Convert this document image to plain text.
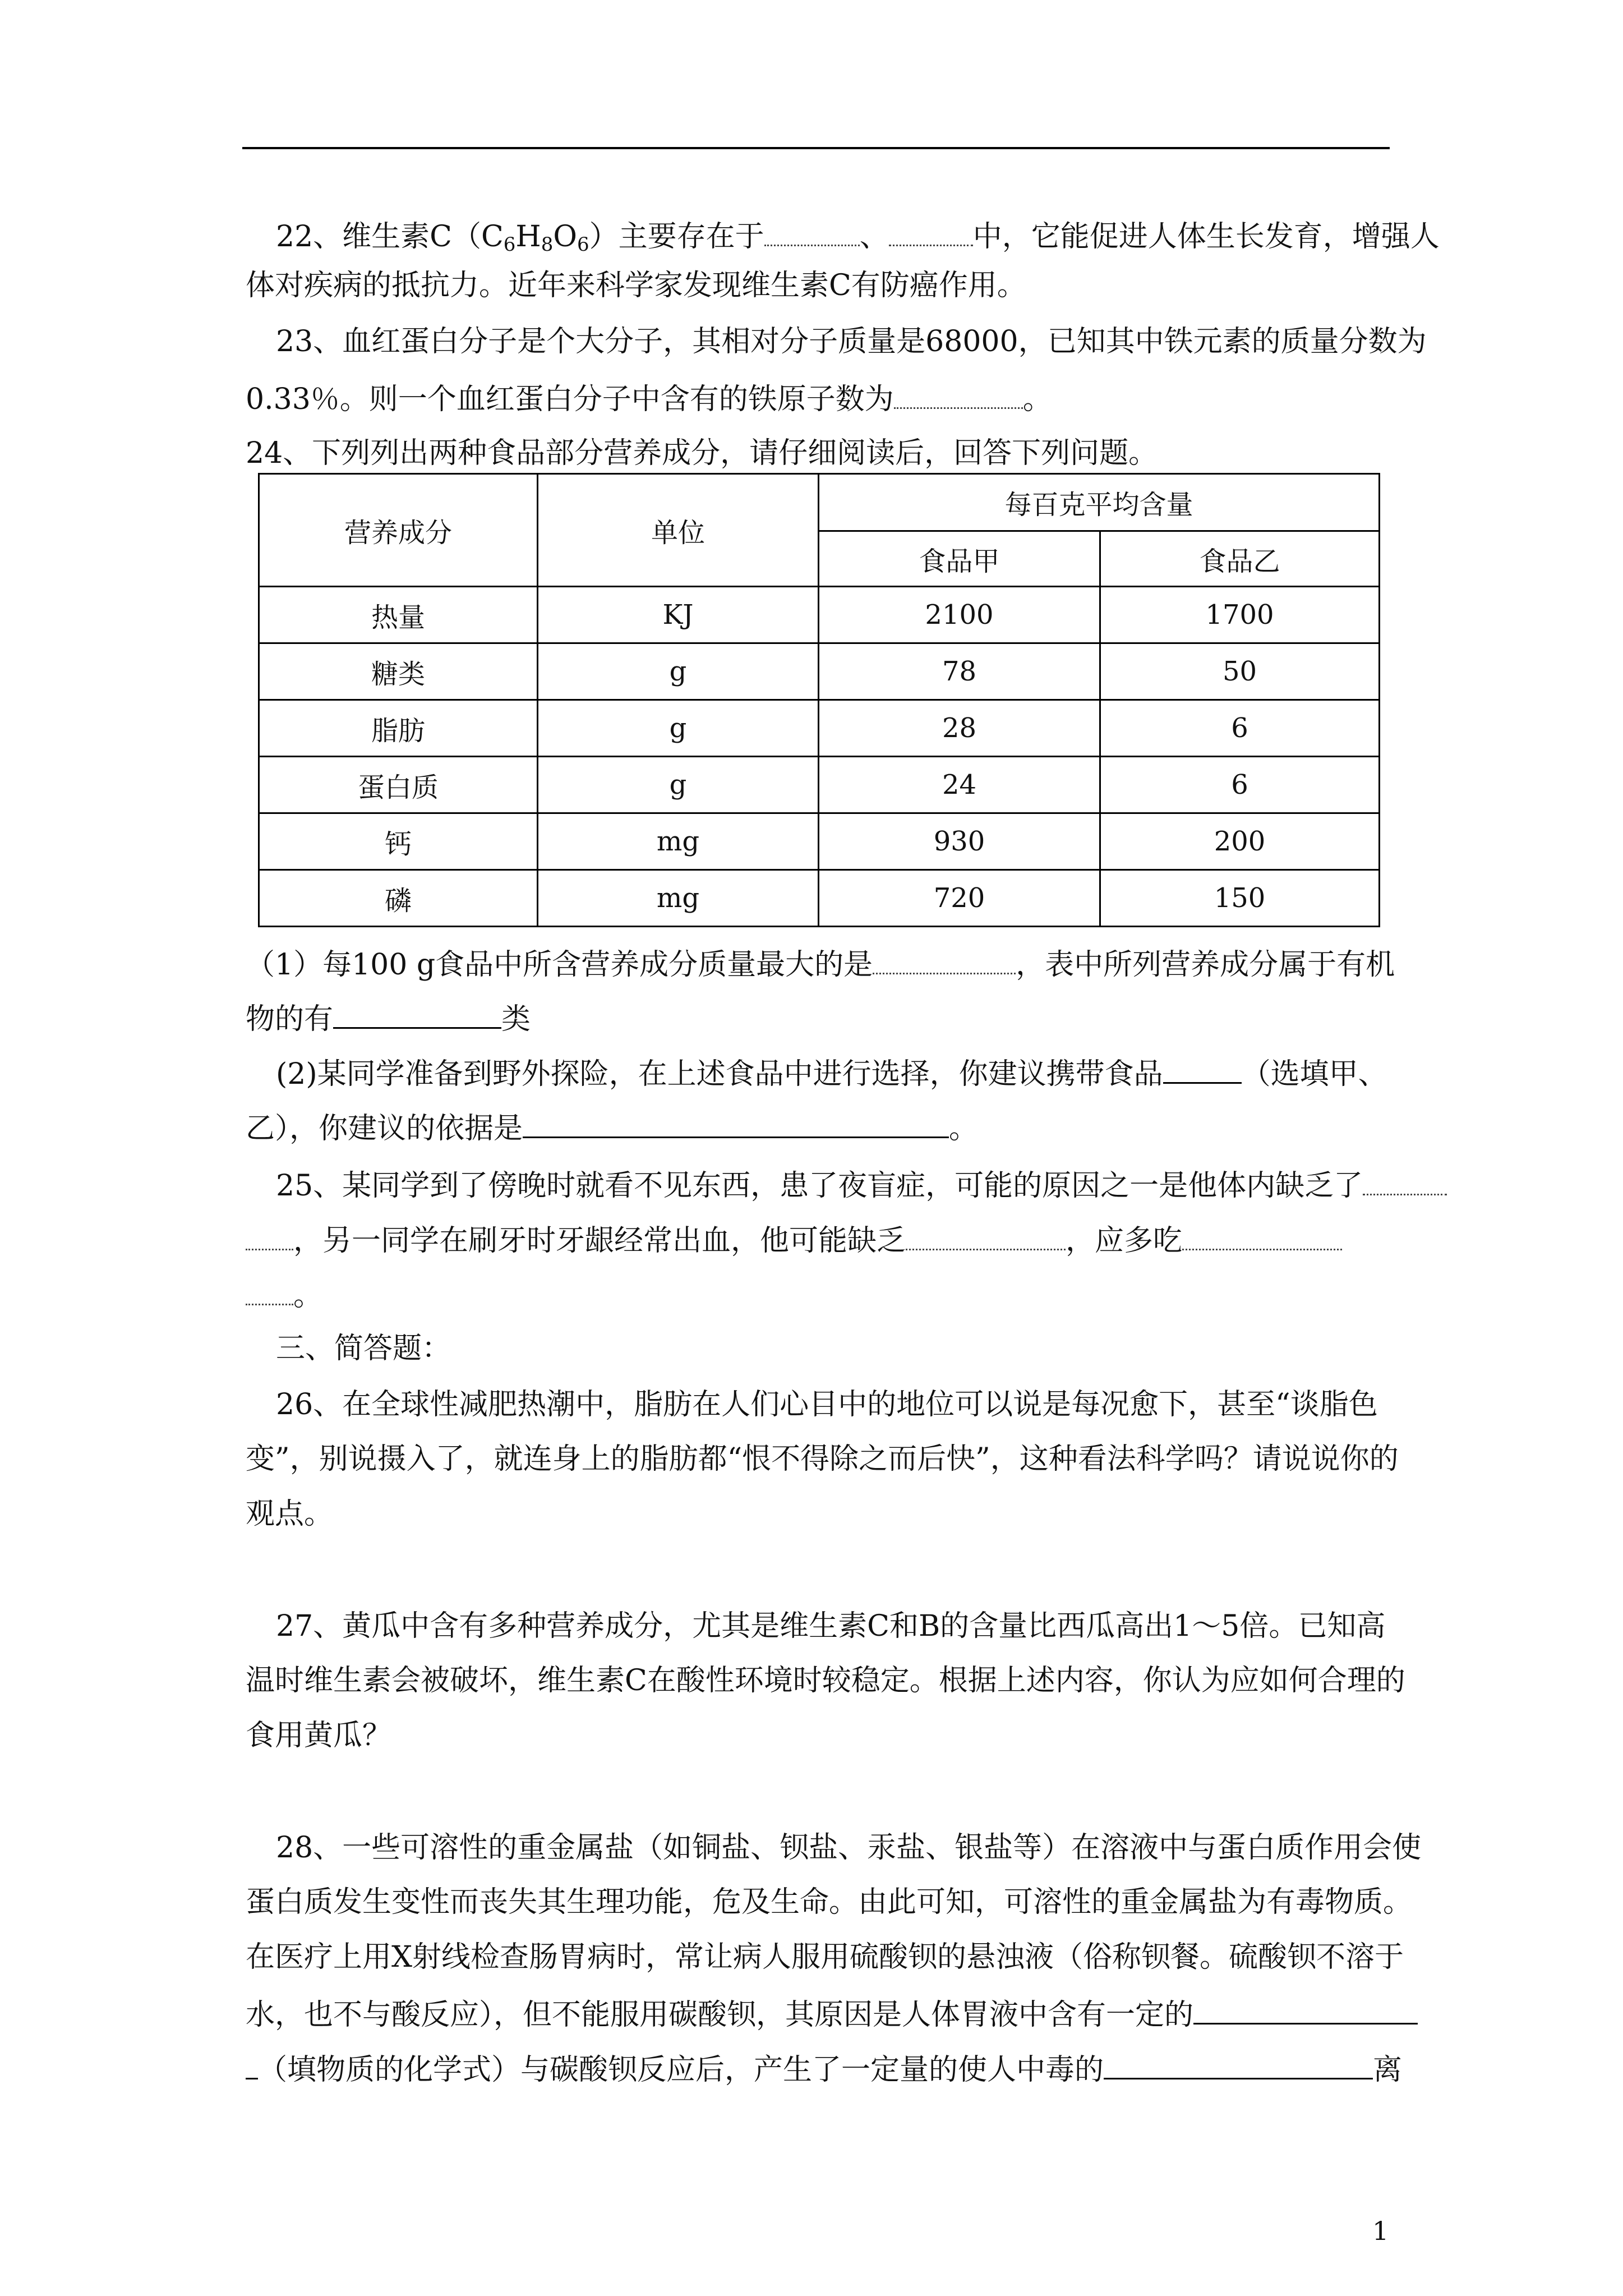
22、维生素$C(C_6H_8O_6)$主要存在于	、	中，它能促进人体生长发育，增强人
体对疾病的抵抗力。近年来科学家发现维生素C有防癌作用。
23、血红蛋白分子是个大分子，其相对分子质量是68000，已知其中铁元素的质量分数为
0.33％。则一个血红蛋白分子中含有的铁原子数为	。
24、下列列出两种食品部分营养成分，请仔细阅读后，回答下列问题。
营养成分	单位	每百克平均含量	
		食品甲	食品乙
热量	KJ	2100	1700
糖类	g	78	50
脂肪	g	28	6
蛋白质	g	24	6
钙	mg	930	200
磷	mg	720	150
（1）每100 g食品中所含营养成分质量最大的是	，表中所列营养成分属于有机
物的有	类
(2)某同学准备到野外探险，在上述食品中进行选择，你建议携带食品	（选填甲、
乙），你建议的依据是	。
25、某同学到了傍晚时就看不见东西，患了夜盲症，可能的原因之一是他体内缺乏了
，另一同学在刷牙时牙龈经常出血，他可能缺乏	，应多吃
。
三、简答题：
26、在全球性减肥热潮中，脂肪在人们心目中的地位可以说是每况愈下，甚至“谈脂色
变”，别说摄入了，就连身上的脂肪都“恨不得除之而后快”，这种看法科学吗？请说说你的
观点。
27、黄瓜中含有多种营养成分，尤其是维生素C和B的含量比西瓜高出1～5倍。已知高
温时维生素会被破坏，维生素C在酸性环境时较稳定。根据上述内容，你认为应如何合理的
食用黄瓜？
28、一些可溶性的重金属盐（如铜盐、钡盐、汞盐、银盐等）在溶液中与蛋白质作用会使
蛋白质发生变性而丧失其生理功能，危及生命。由此可知，可溶性的重金属盐为有毒物质。
在医疗上用X射线检查肠胃病时，常让病人服用硫酸钡的悬浊液（俗称钡餐。硫酸钡不溶于
水，也不与酸反应），但不能服用碳酸钡，其原因是人体胃液中含有一定的
（填物质的化学式）与碳酸钡反应后，产生了一定量的使人中毒的	离
1
